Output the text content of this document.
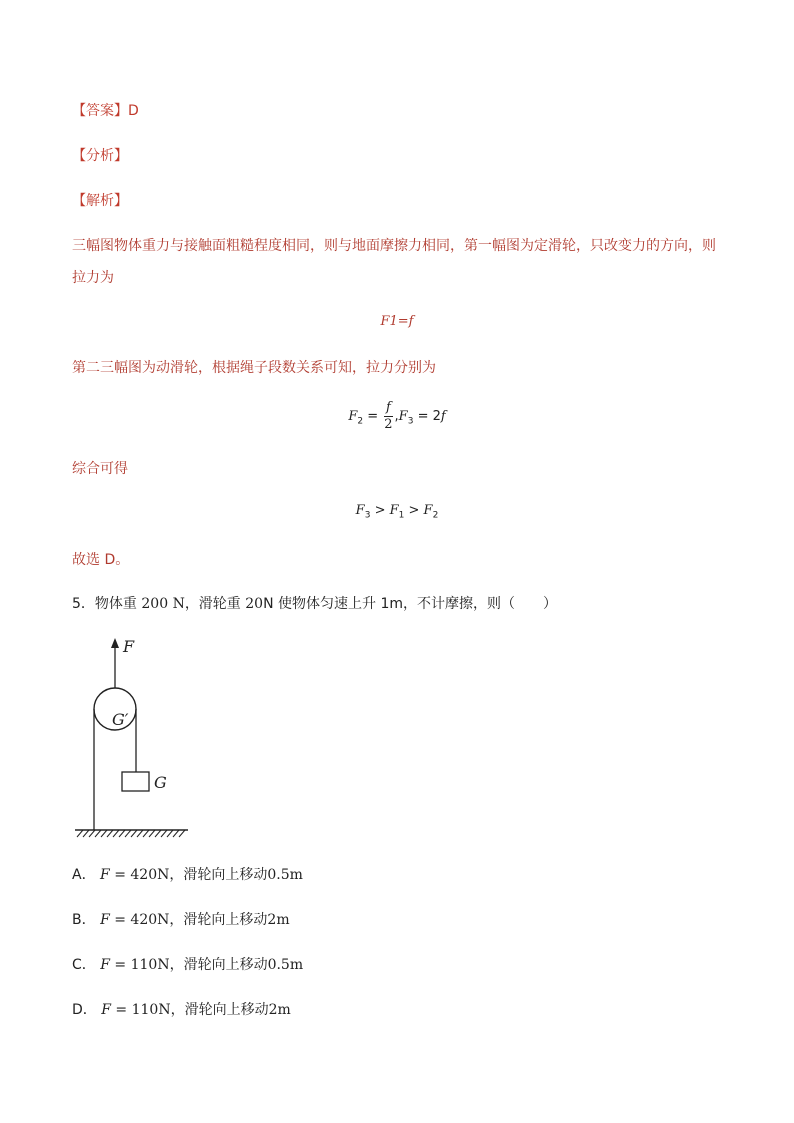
【答案】D
【分析】
【解析】
三幅图物体重力与接触面粗糙程度相同，则与地面摩擦力相同，第一幅图为定滑轮，只改变力的方向，则
拉力为
F1=f
第二三幅图为动滑轮，根据绳子段数关系可知，拉力分别为
$F_2 = \frac{f}{2} ,F_3 = 2f$
综合可得
$F_3 > F_1 > F_2$
故选 D。
5．物体重 200 N，滑轮重 20N 使物体匀速上升 1m，不计摩擦，则（　　）
F
G′
G
A． F = 420N，滑轮向上移动0.5m
B． F = 420N，滑轮向上移动2m
C． F = 110N，滑轮向上移动0.5m
D． F = 110N，滑轮向上移动2m
